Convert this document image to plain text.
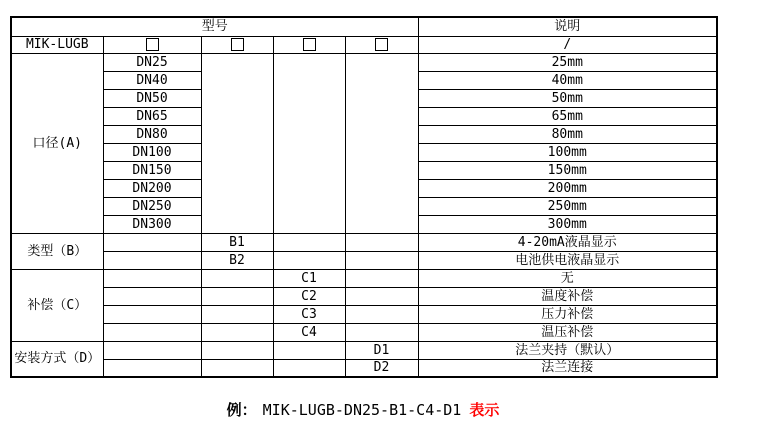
型号					说明
MIK-LUGB					/
口径(A)	DN25				25mm
	DN40				40mm
	DN50				50mm
	DN65				65mm
	DN80				80mm
	DN100				100mm
	DN150				150mm
	DN200				200mm
	DN250				250mm
	DN300				300mm
类型（B）		B1			4-20mA液晶显示
		B2			电池供电液晶显示
补偿（C）			C1		无
			C2		温度补偿
			C3		压力补偿
			C4		温压补偿
安装方式（D）				D1	法兰夹持（默认）
				D2	法兰连接
例： MIK-LUGB-DN25-B1-C4-D1 表示
